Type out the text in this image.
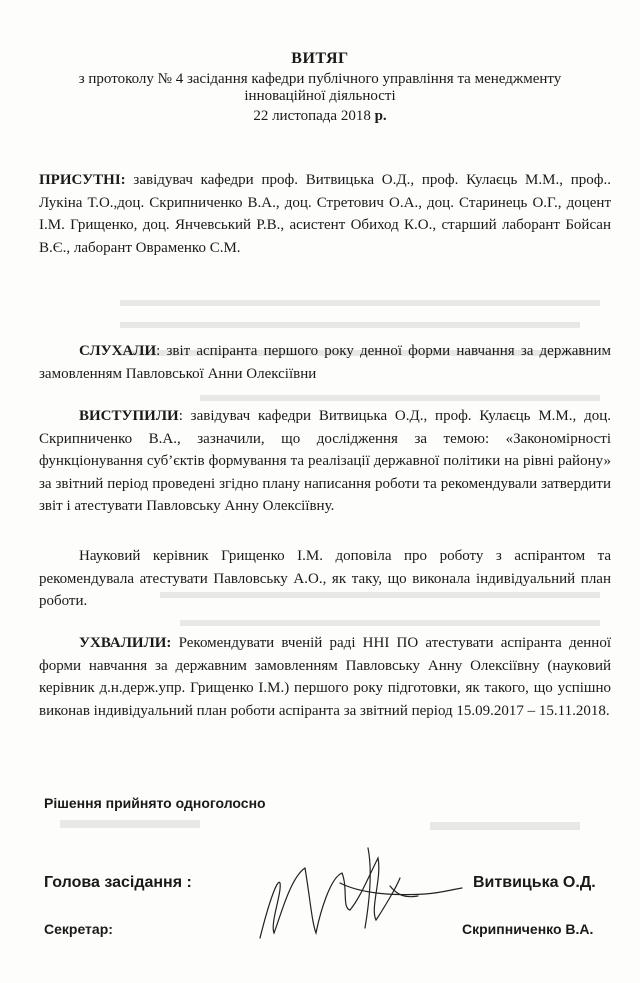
ВИТЯГ
з протоколу № 4 засідання кафедри публічного управління та менеджменту
інноваційної діяльності
22 листопада 2018 р.
ПРИСУТНІ: завідувач кафедри проф. Витвицька О.Д., проф. Кулаєць М.М., проф.. Лукіна Т.О.,доц. Скрипниченко В.А., доц. Стретович О.А., доц. Старинець О.Г., доцент І.М. Грищенко, доц. Янчевський Р.В., асистент Обиход К.О., старший лаборант Бойсан В.Є., лаборант Овраменко С.М.
СЛУХАЛИ: звіт аспіранта першого року денної форми навчання за державним замовленням Павловської Анни Олексіївни
ВИСТУПИЛИ: завідувач кафедри Витвицька О.Д., проф. Кулаєць М.М., доц. Скрипниченко В.А., зазначили, що дослідження за темою: «Закономірності функціонування суб’єктів формування та реалізації державної політики на рівні району» за звітний період проведені згідно плану написання роботи та рекомендували затвердити звіт і атестувати Павловську Анну Олексіївну.
Науковий керівник Грищенко І.М. доповіла про роботу з аспірантом та рекомендувала атестувати Павловську А.О., як таку, що виконала індивідуальний план роботи.
УХВАЛИЛИ: Рекомендувати вченій раді ННІ ПО атестувати аспіранта денної форми навчання за державним замовленням Павловську Анну Олексіївну (науковий керівник д.н.держ.упр. Грищенко І.М.) першого року підготовки, як такого, що успішно виконав індивідуальний план роботи аспіранта за звітний період 15.09.2017 – 15.11.2018.
Рішення прийнято одноголосно
Голова засідання :	Витвицька О.Д.
Секретар:	Скрипниченко В.А.
